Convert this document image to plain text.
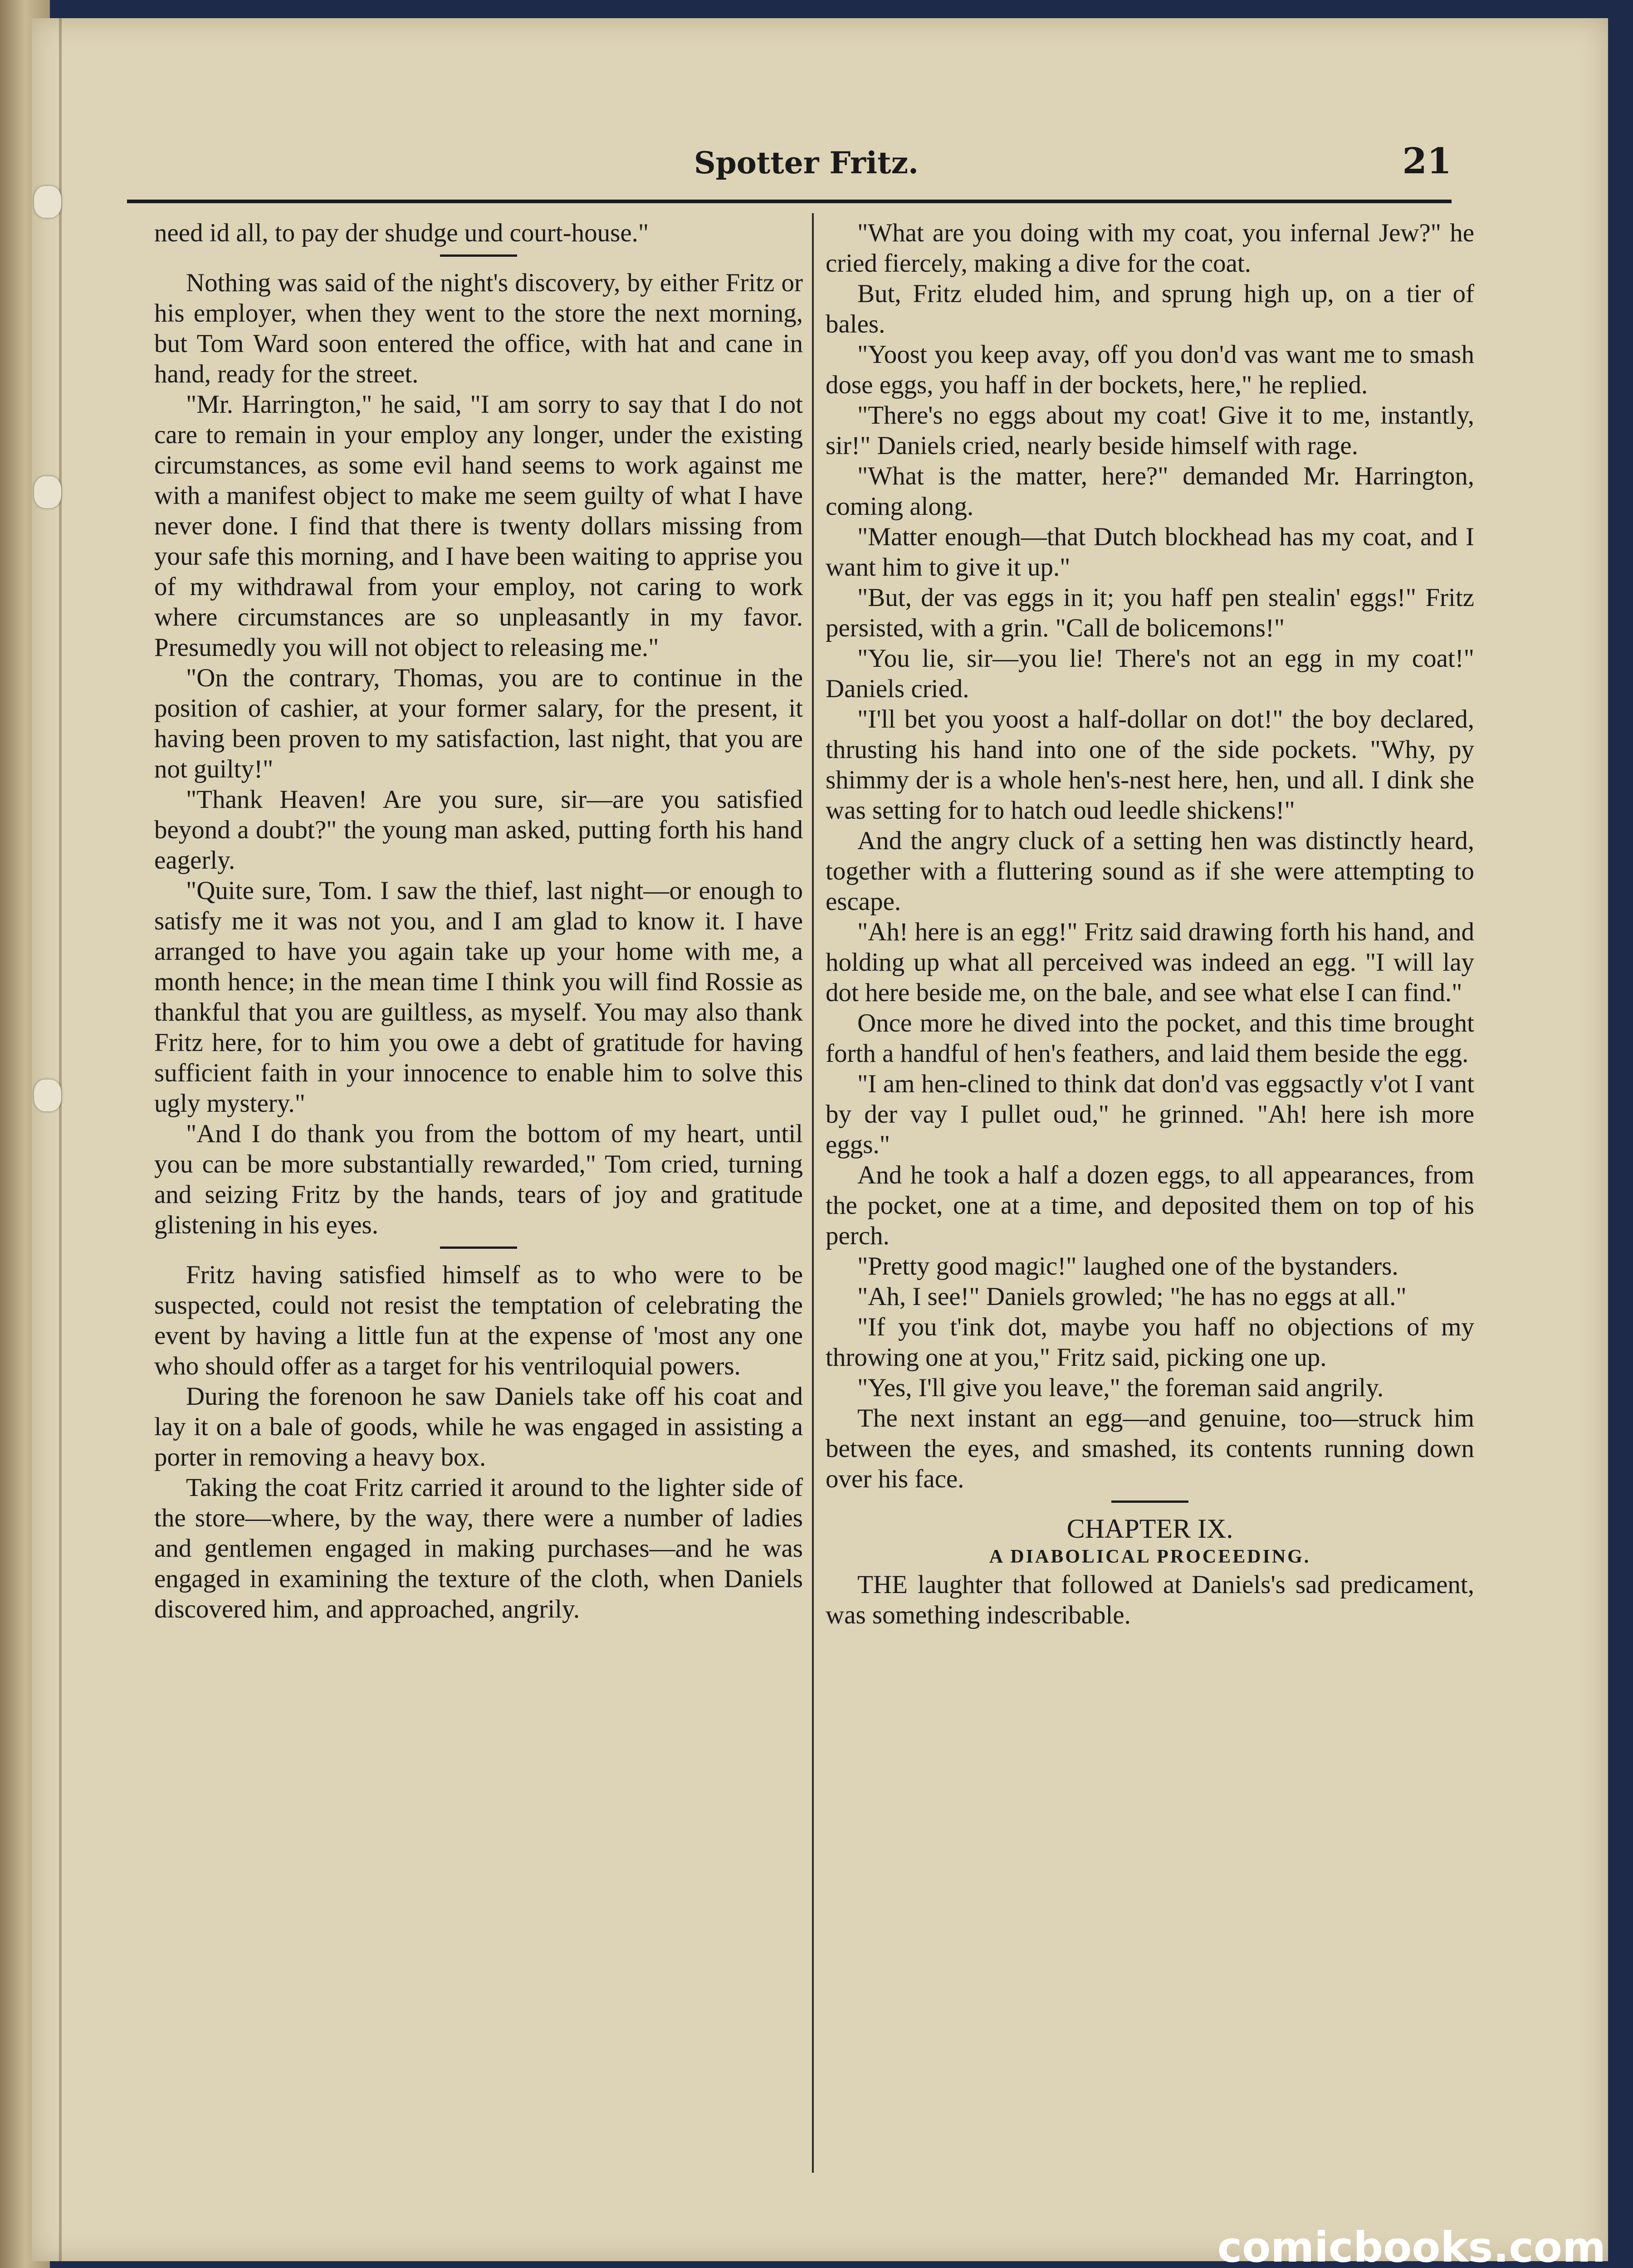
Spotter Fritz.	21

need id all, to pay der shudge und court-house."

Nothing was said of the night's discovery, by either Fritz or his employer, when they went to the store the next morning, but Tom Ward soon entered the office, with hat and cane in hand, ready for the street.

"Mr. Harrington," he said, "I am sorry to say that I do not care to remain in your employ any longer, under the existing circumstances, as some evil hand seems to work against me with a manifest object to make me seem guilty of what I have never done. I find that there is twenty dollars missing from your safe this morning, and I have been waiting to apprise you of my withdrawal from your employ, not caring to work where circumstances are so unpleasantly in my favor. Presumedly you will not object to releasing me."

"On the contrary, Thomas, you are to continue in the position of cashier, at your former salary, for the present, it having been proven to my satisfaction, last night, that you are not guilty!"

"Thank Heaven! Are you sure, sir—are you satisfied beyond a doubt?" the young man asked, putting forth his hand eagerly.

"Quite sure, Tom. I saw the thief, last night—or enough to satisfy me it was not you, and I am glad to know it. I have arranged to have you again take up your home with me, a month hence; in the mean time I think you will find Rossie as thankful that you are guiltless, as myself. You may also thank Fritz here, for to him you owe a debt of gratitude for having sufficient faith in your innocence to enable him to solve this ugly mystery."

"And I do thank you from the bottom of my heart, until you can be more substantially rewarded," Tom cried, turning and seizing Fritz by the hands, tears of joy and gratitude glistening in his eyes.

Fritz having satisfied himself as to who were to be suspected, could not resist the temptation of celebrating the event by having a little fun at the expense of 'most any one who should offer as a target for his ventriloquial powers.

During the forenoon he saw Daniels take off his coat and lay it on a bale of goods, while he was engaged in assisting a porter in removing a heavy box.

Taking the coat Fritz carried it around to the lighter side of the store—where, by the way, there were a number of ladies and gentlemen engaged in making purchases—and he was engaged in examining the texture of the cloth, when Daniels discovered him, and approached, angrily.

"What are you doing with my coat, you infernal Jew?" he cried fiercely, making a dive for the coat.

But, Fritz eluded him, and sprung high up, on a tier of bales.

"Yoost you keep avay, off you don'd vas want me to smash dose eggs, you haff in der bockets, here," he replied.

"There's no eggs about my coat! Give it to me, instantly, sir!" Daniels cried, nearly beside himself with rage.

"What is the matter, here?" demanded Mr. Harrington, coming along.

"Matter enough—that Dutch blockhead has my coat, and I want him to give it up."

"But, der vas eggs in it; you haff pen stealin' eggs!" Fritz persisted, with a grin. "Call de bolicemons!"

"You lie, sir—you lie! There's not an egg in my coat!" Daniels cried.

"I'll bet you yoost a half-dollar on dot!" the boy declared, thrusting his hand into one of the side pockets. "Why, py shimmy der is a whole hen's-nest here, hen, und all. I dink she was setting for to hatch oud leedle shickens!"

And the angry cluck of a setting hen was distinctly heard, together with a fluttering sound as if she were attempting to escape.

"Ah! here is an egg!" Fritz said drawing forth his hand, and holding up what all perceived was indeed an egg. "I will lay dot here beside me, on the bale, and see what else I can find."

Once more he dived into the pocket, and this time brought forth a handful of hen's feathers, and laid them beside the egg.

"I am hen-clined to think dat don'd vas eggsactly v'ot I vant by der vay I pullet oud," he grinned. "Ah! here ish more eggs."

And he took a half a dozen eggs, to all appearances, from the pocket, one at a time, and deposited them on top of his perch.

"Pretty good magic!" laughed one of the bystanders.

"Ah, I see!" Daniels growled; "he has no eggs at all."

"If you t'ink dot, maybe you haff no objections of my throwing one at you," Fritz said, picking one up.

"Yes, I'll give you leave," the foreman said angrily.

The next instant an egg—and genuine, too—struck him between the eyes, and smashed, its contents running down over his face.

CHAPTER IX.
A DIABOLICAL PROCEEDING.

THE laughter that followed at Daniels's sad predicament, was something indescribable.

comicbooks.com
